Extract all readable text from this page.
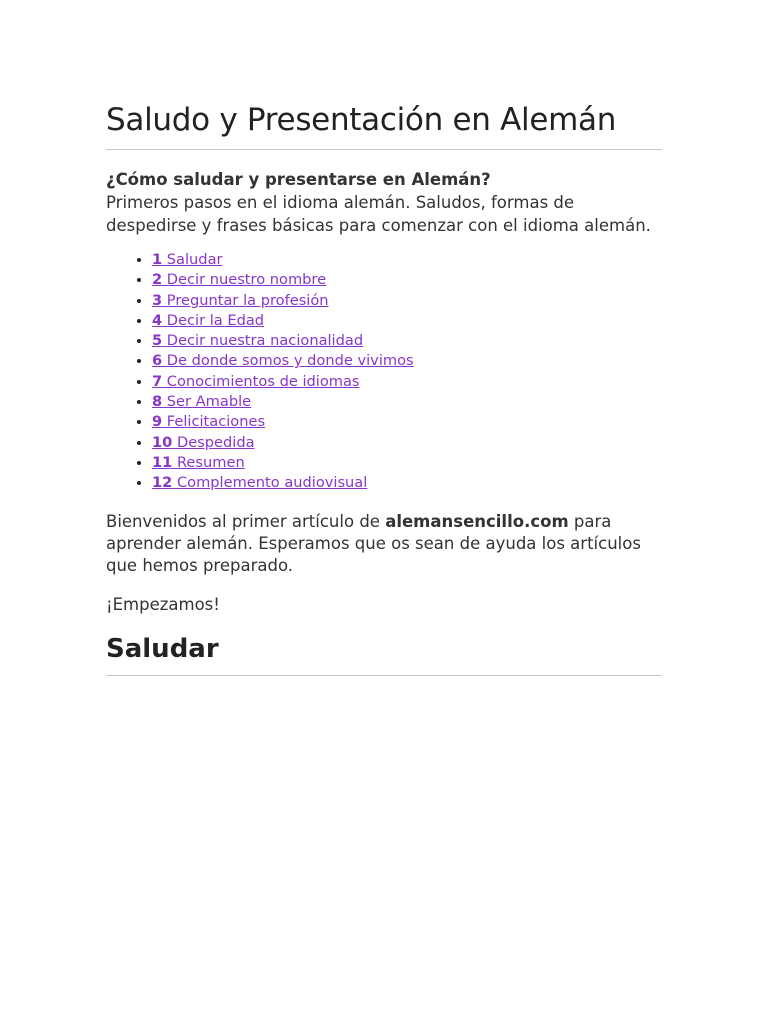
Saludo y Presentación en Alemán
¿Cómo saludar y presentarse en Alemán?
Primeros pasos en el idioma alemán. Saludos, formas de despedirse y frases básicas para comenzar con el idioma alemán.
• 1 Saludar
• 2 Decir nuestro nombre
• 3 Preguntar la profesión
• 4 Decir la Edad
• 5 Decir nuestra nacionalidad
• 6 De donde somos y donde vivimos
• 7 Conocimientos de idiomas
• 8 Ser Amable
• 9 Felicitaciones
• 10 Despedida
• 11 Resumen
• 12 Complemento audiovisual

Bienvenidos al primer artículo de alemansencillo.com para aprender alemán. Esperamos que os sean de ayuda los artículos que hemos preparado.

¡Empezamos!

Saludar
